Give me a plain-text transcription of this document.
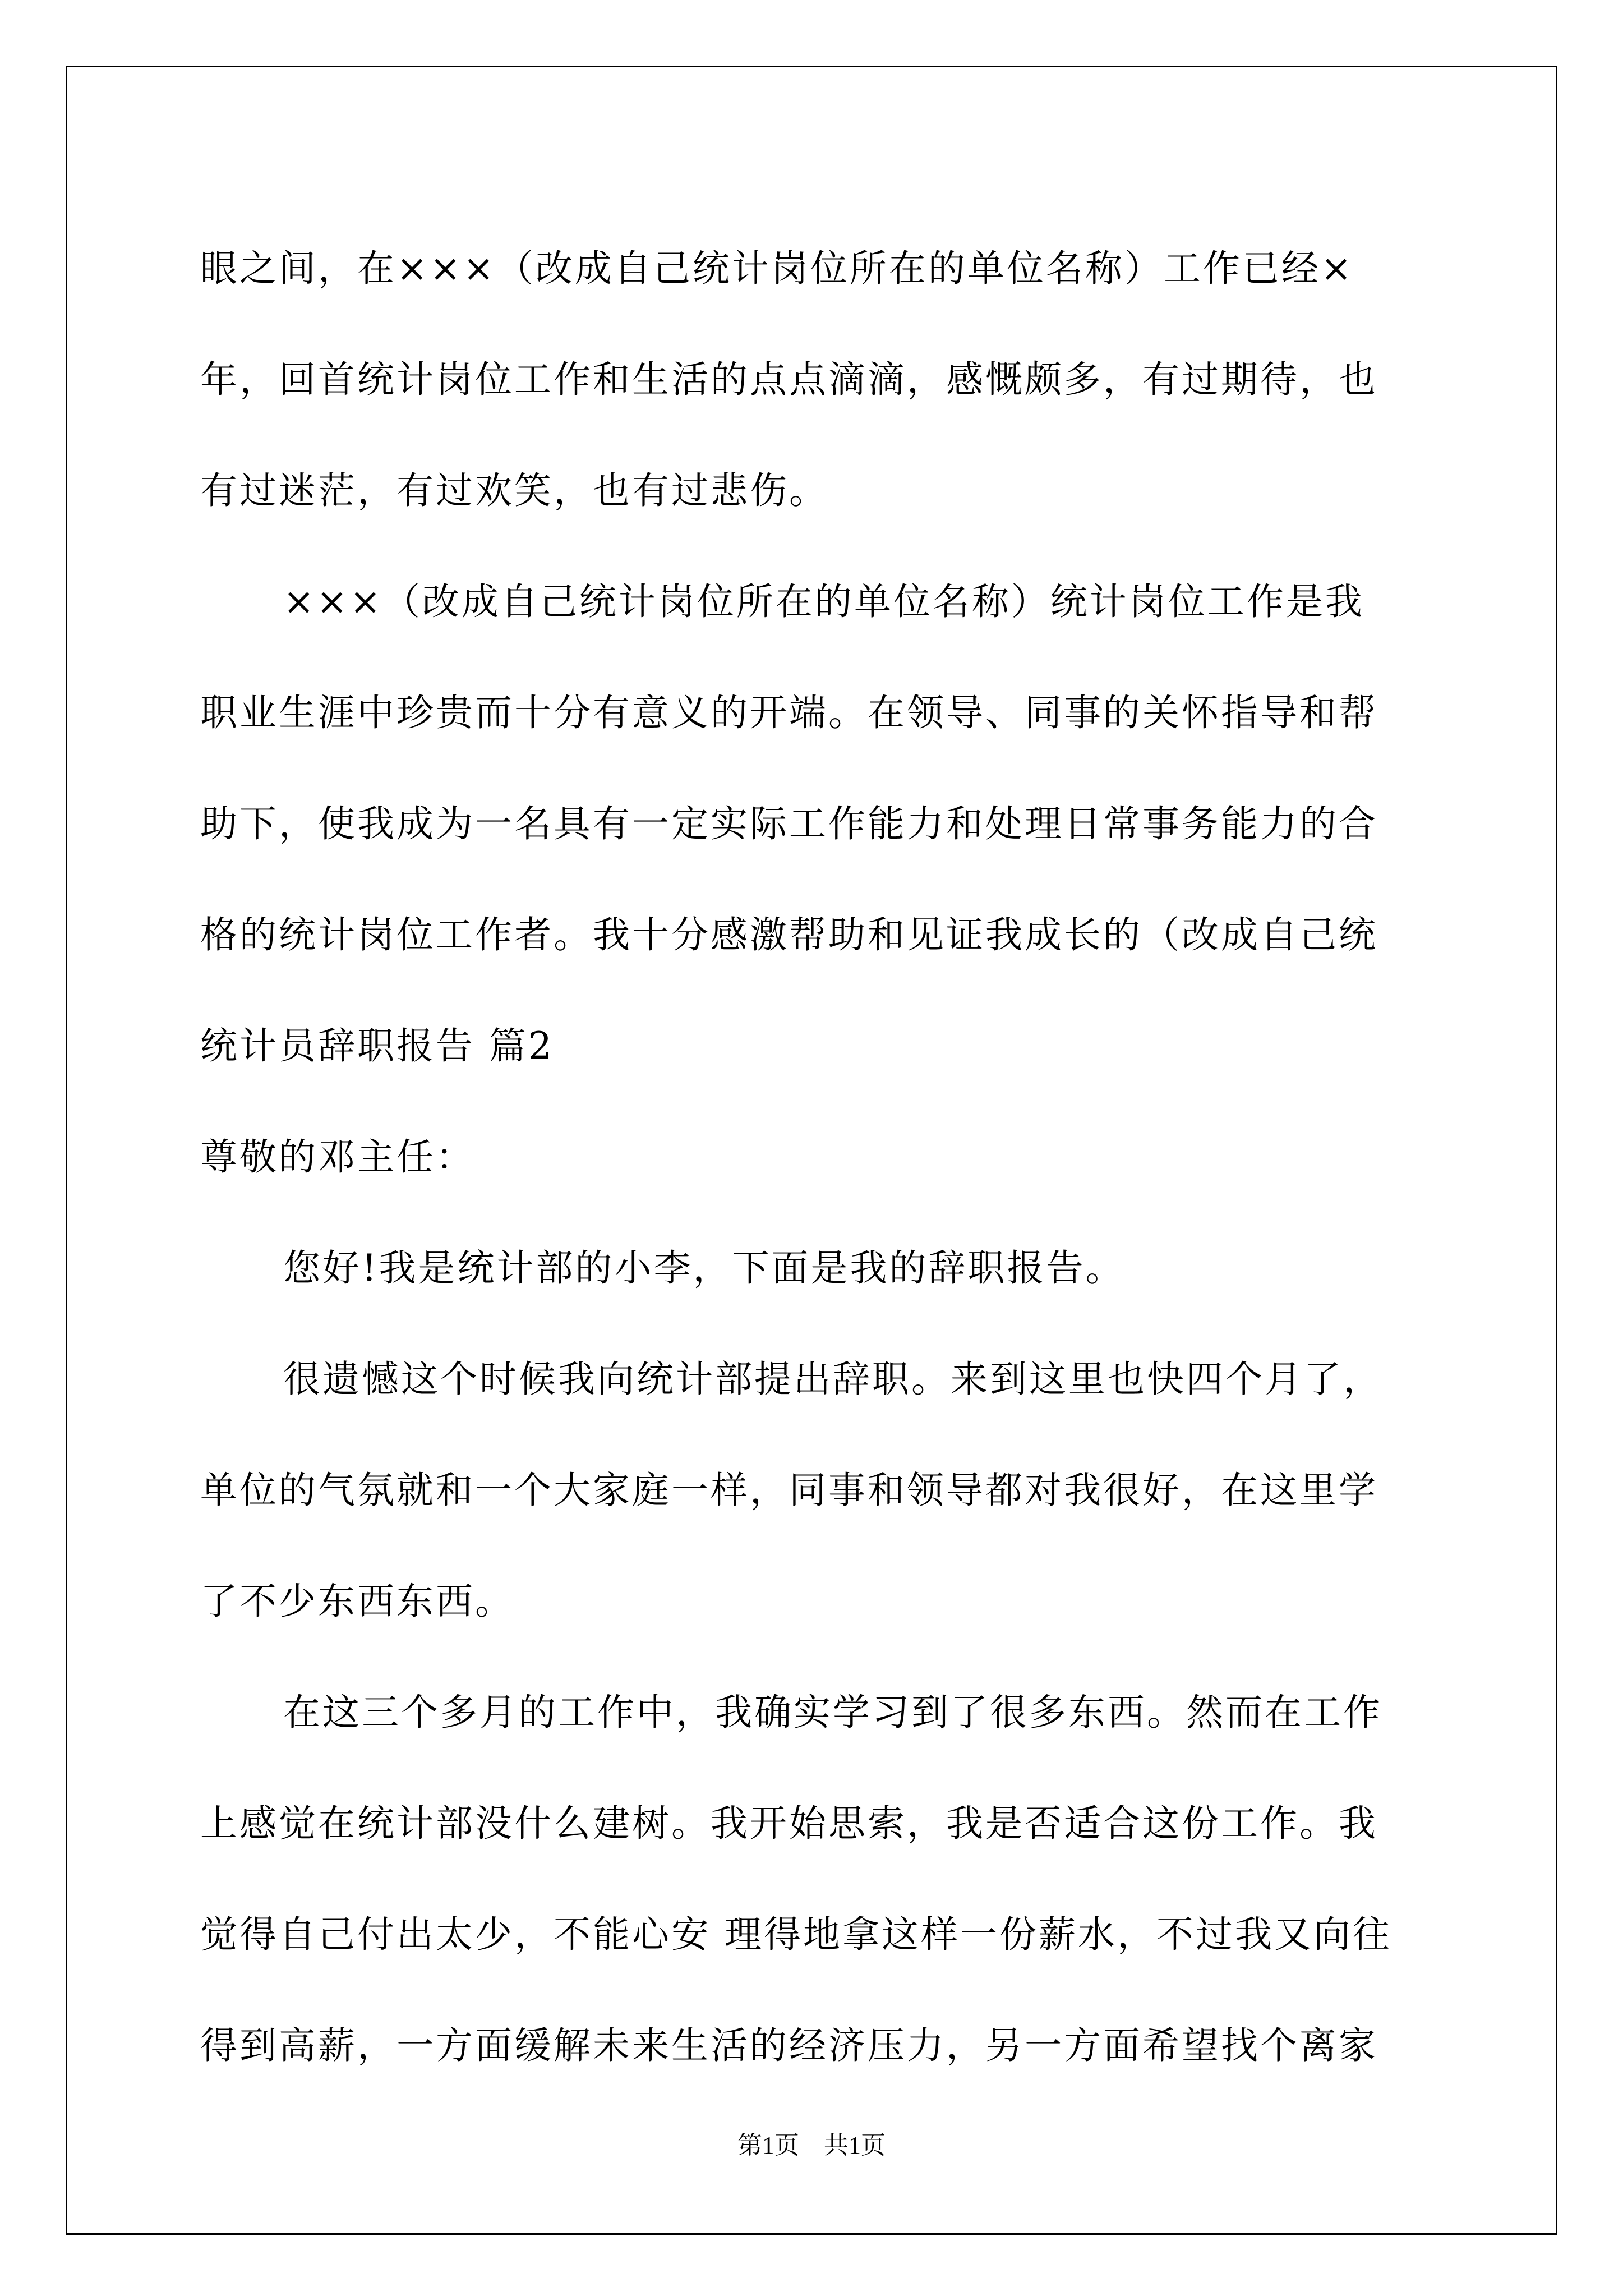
眼之间，在×××（改成自己统计岗位所在的单位名称）工作已经×
年，回首统计岗位工作和生活的点点滴滴，感慨颇多，有过期待，也
有过迷茫，有过欢笑，也有过悲伤。
×××（改成自己统计岗位所在的单位名称）统计岗位工作是我
职业生涯中珍贵而十分有意义的开端。在领导、同事的关怀指导和帮
助下，使我成为一名具有一定实际工作能力和处理日常事务能力的合
格的统计岗位工作者。我十分感激帮助和见证我成长的（改成自己统
统计员辞职报告 篇2
尊敬的邓主任：
您好!我是统计部的小李，下面是我的辞职报告。
很遗憾这个时候我向统计部提出辞职。来到这里也快四个月了，
单位的气氛就和一个大家庭一样，同事和领导都对我很好，在这里学
了不少东西东西。
在这三个多月的工作中，我确实学习到了很多东西。然而在工作
上感觉在统计部没什么建树。我开始思索，我是否适合这份工作。我
觉得自己付出太少，不能心安 理得地拿这样一份薪水，不过我又向往
得到高薪，一方面缓解未来生活的经济压力，另一方面希望找个离家
第1页 共1页
